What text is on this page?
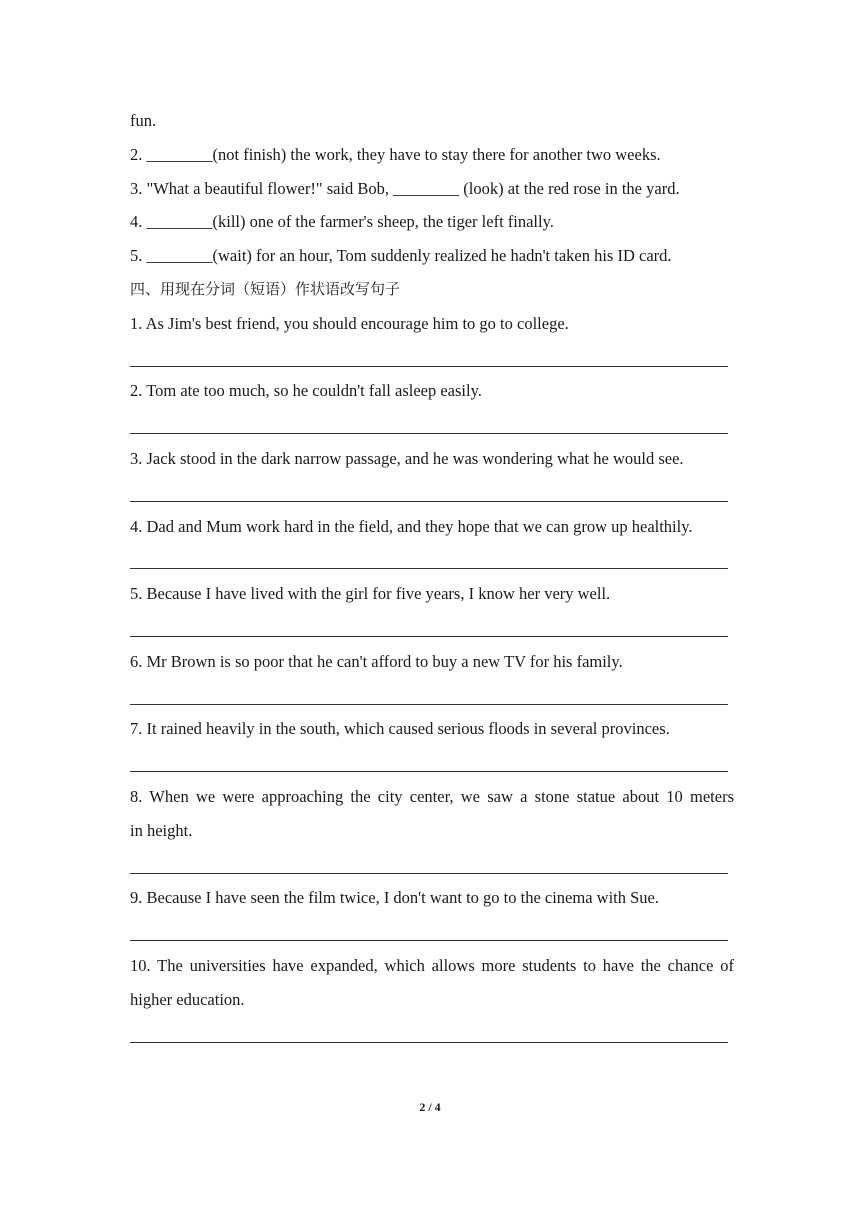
fun.

2. ________(not finish) the work, they have to stay there for another two weeks.

3. "What a beautiful flower!" said Bob, ________ (look) at the red rose in the yard.

4. ________(kill) one of the farmer's sheep, the tiger left finally.

5. ________(wait) for an hour, Tom suddenly realized he hadn't taken his ID card.

四、用现在分词（短语）作状语改写句子

1. As Jim's best friend, you should encourage him to go to college.

2. Tom ate too much, so he couldn't fall asleep easily.

3. Jack stood in the dark narrow passage, and he was wondering what he would see.

4. Dad and Mum work hard in the field, and they hope that we can grow up healthily.

5. Because I have lived with the girl for five years, I know her very well.

6. Mr Brown is so poor that he can't afford to buy a new TV for his family.

7. It rained heavily in the south, which caused serious floods in several provinces.

8. When we were approaching the city center, we saw a stone statue about 10 meters

in height.

9. Because I have seen the film twice, I don't want to go to the cinema with Sue.

10. The universities have expanded, which allows more students to have the chance of

higher education.

2 / 4
